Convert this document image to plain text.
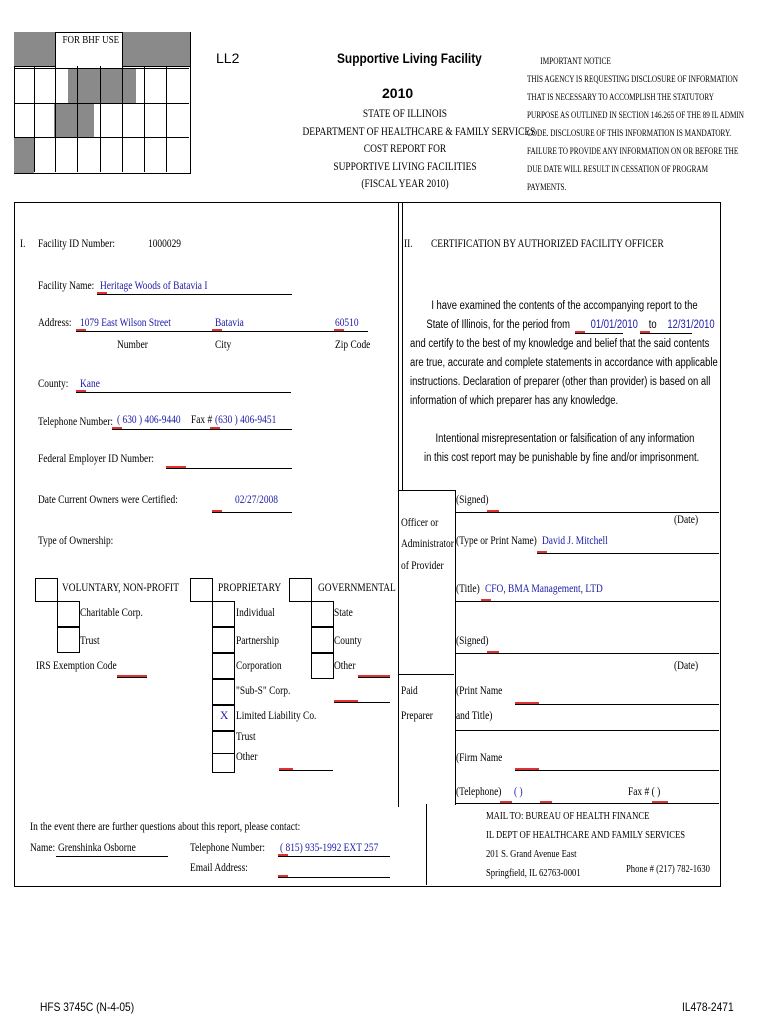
FOR BHF USE
LL2	Supportive Living Facility
2010
STATE OF ILLINOIS
DEPARTMENT OF HEALTHCARE & FAMILY SERVICES
COST REPORT FOR
SUPPORTIVE LIVING FACILITIES
(FISCAL YEAR 2010)
IMPORTANT NOTICE
THIS AGENCY IS REQUESTING DISCLOSURE OF INFORMATION
THAT IS NECESSARY TO ACCOMPLISH THE STATUTORY
PURPOSE AS OUTLINED IN SECTION 146.265 OF THE 89 IL ADMIN
CODE. DISCLOSURE OF THIS INFORMATION IS MANDATORY.
FAILURE TO PROVIDE ANY INFORMATION ON OR BEFORE THE
DUE DATE WILL RESULT IN CESSATION OF PROGRAM
PAYMENTS.
I. Facility ID Number:	1000029
Facility Name: Heritage Woods of Batavia I
Address: 1079 East Wilson Street	Batavia	60510
Number	City	Zip Code
County: Kane
Telephone Number: ( 630 ) 406-9440 Fax # (630 ) 406-9451
Federal Employer ID Number:
Date Current Owners were Certified:	02/27/2008
Type of Ownership:
VOLUNTARY, NON-PROFIT
Charitable Corp.
Trust
IRS Exemption Code
PROPRIETARY
Individual
Partnership
Corporation
"Sub-S" Corp.
X Limited Liability Co.
Trust
Other
GOVERNMENTAL
State
County
Other
II. CERTIFICATION BY AUTHORIZED FACILITY OFFICER
I have examined the contents of the accompanying report to the
State of Illinois, for the period from 01/01/2010 to 12/31/2010
and certify to the best of my knowledge and belief that the said contents
are true, accurate and complete statements in accordance with applicable
instructions. Declaration of preparer (other than provider) is based on all
information of which preparer has any knowledge.
Intentional misrepresentation or falsification of any information
in this cost report may be punishable by fine and/or imprisonment.
Officer or
Administrator
of Provider
(Signed)
(Date)
(Type or Print Name) David J. Mitchell
(Title) CFO, BMA Management, LTD
(Signed)
(Date)
Paid
Preparer
(Print Name
and Title)
(Firm Name
(Telephone) ( )	Fax # ( )
In the event there are further questions about this report, please contact:
Name: Grenshinka Osborne	Telephone Number: ( 815) 935-1992 EXT 257
Email Address:
MAIL TO: BUREAU OF HEALTH FINANCE
IL DEPT OF HEALTHCARE AND FAMILY SERVICES
201 S. Grand Avenue East
Springfield, IL 62763-0001	Phone # (217) 782-1630
HFS 3745C (N-4-05)	IL478-2471
